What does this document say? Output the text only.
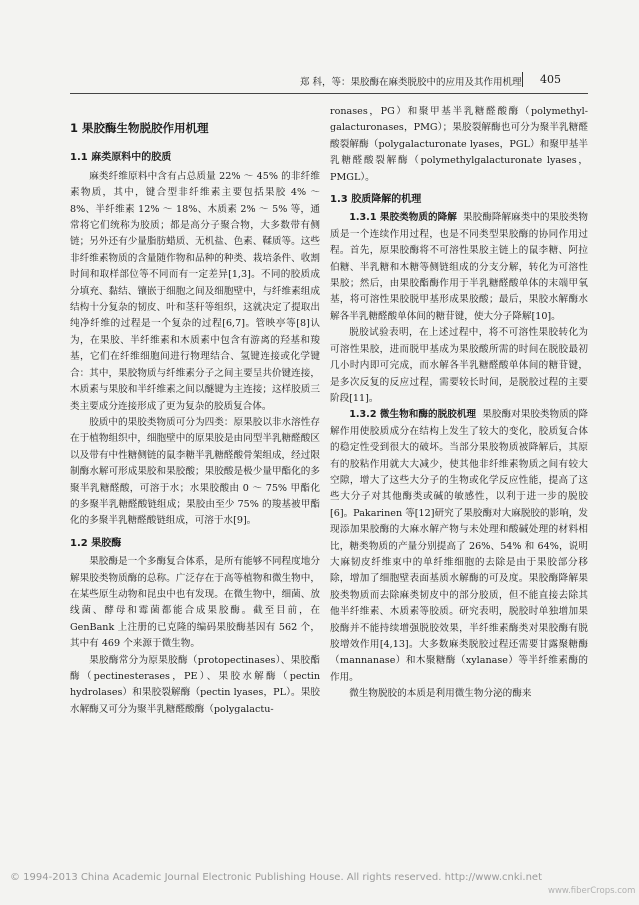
郑 科，等：果胶酶在麻类脱胶中的应用及其作用机理 405
1 果胶酶生物脱胶作用机理
1.1 麻类原料中的胶质

麻类纤维原料中含有占总质量 22% ～ 45% 的非纤维素物质，其中，键合型非纤维素主要包括果胶 4% ～ 8%、半纤维素 12% ～ 18%、木质素 2% ～ 5% 等，通常将它们统称为胶质；都是高分子聚合物，大多数带有侧链；另外还有少量脂肪蜡质、无机盐、色素、鞣质等。这些非纤维素物质的含量随作物和品种的种类、栽培条件、收割时间和取样部位等不同而有一定差异[1,3]。不同的胶质成分填充、黏结、镶嵌于细胞之间及细胞壁中，与纤维素组成结构十分复杂的韧皮、叶和茎秆等组织，这就决定了提取出纯净纤维的过程是一个复杂的过程[6,7]。管映亭等[8]认为，在果胶、半纤维素和木质素中包含有游离的羟基和羧基，它们在纤维细胞间进行物理结合、氢键连接或化学键合：其中，果胶物质与纤维素分子之间主要呈共价键连接，木质素与果胶和半纤维素之间以醚键为主连接；这样胶质三类主要成分连接形成了更为复杂的胶质复合体。

胶质中的果胶类物质可分为四类：原果胶以非水溶性存在于植物组织中，细胞壁中的原果胶是由同型半乳糖醛酸区以及带有中性糖侧链的鼠李糖半乳糖醛酸骨架组成，经过限制酶水解可形成果胶和果胶酸；果胶酸是极少量甲酯化的多聚半乳糖醛酸，可溶于水；水果胶酸由 0 ～ 75% 甲酯化的多聚半乳糖醛酸链组成；果胶由至少 75% 的羧基被甲酯化的多聚半乳糖醛酸链组成，可溶于水[9]。

1.2 果胶酶

果胶酶是一个多酶复合体系，是所有能够不同程度地分解果胶类物质酶的总称。广泛存在于高等植物和微生物中，在某些原生动物和昆虫中也有发现。在微生物中，细菌、放线菌、酵母和霉菌都能合成果胶酶。截至目前，在 GenBank 上注册的已克隆的编码果胶酶基因有 562 个，其中有 469 个来源于微生物。

果胶酶常分为原果胶酶（protopectinases）、果胶酯酶（pectinesterases，PE）、果胶水解酶（pectin hydrolases）和果胶裂解酶（pectin lyases，PL）。果胶水解酶又可分为聚半乳糖醛酸酶（polygalactu-

ronases，PG）和聚甲基半乳糖醛酸酶（polymethyl-galacturonases，PMG）；果胶裂解酶也可分为聚半乳糖醛酸裂解酶（polygalacturonate lyases，PGL）和聚甲基半乳糖醛酸裂解酶（polymethylgalacturonate lyases，PMGL）。

1.3 胶质降解的机理

1.3.1 果胶类物质的降解 果胶酶降解麻类中的果胶类物质是一个连续作用过程，也是不同类型果胶酶的协同作用过程。首先，原果胶酶将不可溶性果胶主链上的鼠李糖、阿拉伯糖、半乳糖和木糖等侧链组成的分支分解，转化为可溶性果胶；然后，由果胶酯酶作用于半乳糖醛酸单体的末端甲氧基，将可溶性果胶脱甲基形成果胶酸；最后，果胶水解酶水解各半乳糖醛酸单体间的糖苷键，使大分子降解[10]。

脱胶试验表明，在上述过程中，将不可溶性果胶转化为可溶性果胶，进而脱甲基成为果胶酸所需的时间在脱胶最初几小时内即可完成，而水解各半乳糖醛酸单体间的糖苷键，是多次反复的反应过程，需要较长时间，是脱胶过程的主要阶段[11]。

1.3.2 微生物和酶的脱胶机理 果胶酶对果胶类物质的降解作用使胶质成分在结构上发生了较大的变化，胶质复合体的稳定性受到很大的破坏。当部分果胶物质被降解后，其原有的胶粘作用就大大减少，使其他非纤维素物质之间有较大空隙，增大了这些大分子的生物或化学反应性能，提高了这些大分子对其他酶类或碱的敏感性，以利于进一步的脱胶[6]。Pakarinen 等[12]研究了果胶酶对大麻脱胶的影响，发现添加果胶酶的大麻水解产物与未处理和酸碱处理的材料相比，糖类物质的产量分别提高了 26%、54% 和 64%，说明大麻韧皮纤维束中的单纤维细胞的去除是由于果胶部分移除，增加了细胞壁表面基质水解酶的可及度。果胶酶降解果胶类物质而去除麻类韧皮中的部分胶质，但不能直接去除其他半纤维素、木质素等胶质。研究表明，脱胶时单独增加果胶酶并不能持续增强脱胶效果，半纤维素酶类对果胶酶有脱胶增效作用[4,13]。大多数麻类脱胶过程还需要甘露聚糖酶（mannanase）和木聚糖酶（xylanase）等半纤维素酶的作用。

微生物脱胶的本质是利用微生物分泌的酶来

© 1994-2013 China Academic Journal Electronic Publishing House. All rights reserved. http://www.cnki.net
www.fiberCrops.com
